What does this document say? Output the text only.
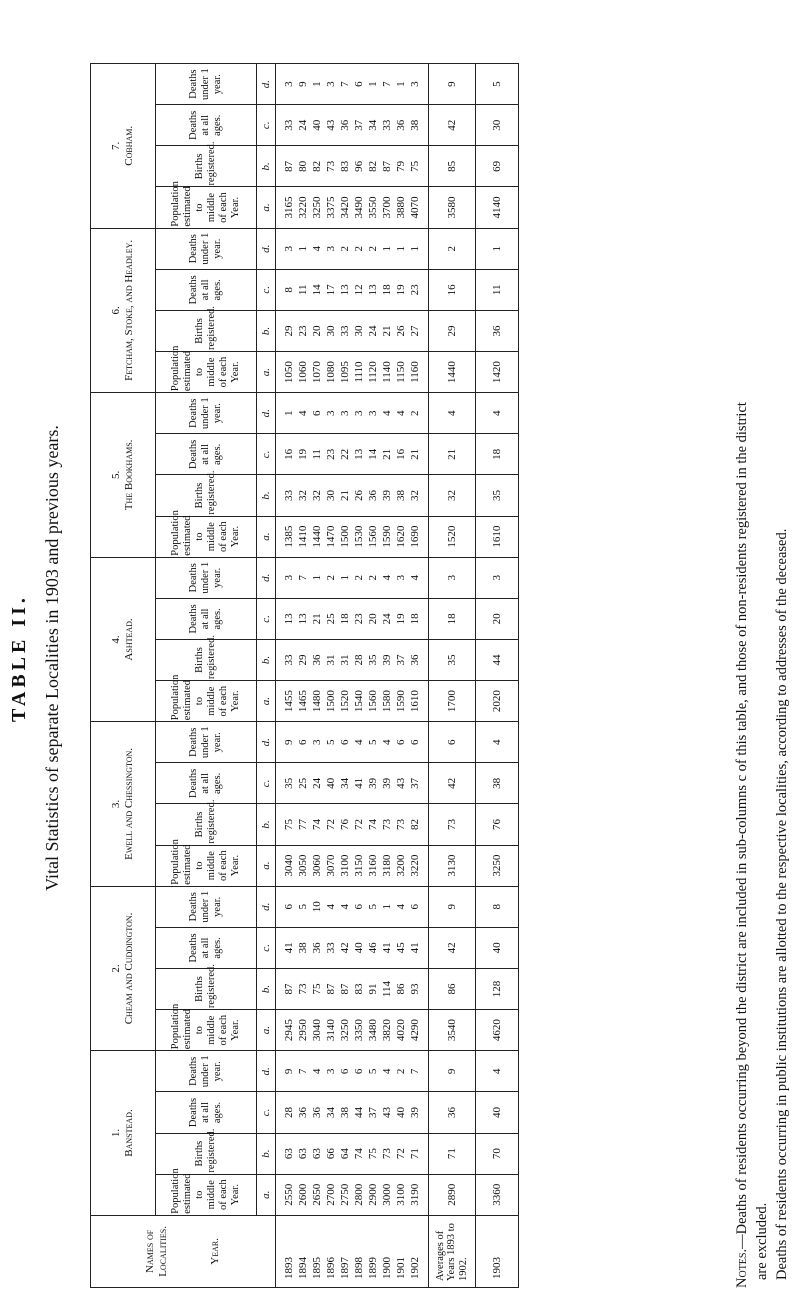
TABLE II. Vital Statistics of separate Localities in 1903 and previous years.
Names of Localities. Year.	1. Banstead.				2. Cheam and Cuddington.				3. Ewell and Chessington.				4. Ashtead.				5. The Bookhams.				6. Fetcham, Stoke, and Headley.				7. Cobham.			

	Population estimated to middle of each Year.	Births registered.	Deaths at all ages.	Deaths under 1 year.	Population estimated to middle of each Year.	Births registered.	Deaths at all ages.	Deaths under 1 year.	Population estimated to middle of each Year.	Births registered.	Deaths at all ages.	Deaths under 1 year.	Population estimated to middle of each Year.	Births registered.	Deaths at all ages.	Deaths under 1 year.	Population estimated to middle of each Year.	Births registered.	Deaths at all ages.	Deaths under 1 year.	Population estimated to middle of each Year.	Births registered.	Deaths at all ages.	Deaths under 1 year.	Population estimated to middle of each Year.	Births registered.	Deaths at all ages.	Deaths under 1 year.
	a.	b.	c.	d.	a.	b.	c.	d.	a.	b.	c.	d.	a.	b.	c.	d.	a.	b.	c.	d.	a.	b.	c.	d.	a.	b.	c.	d.
1893	2550	63	28	9	2945	87	41	6	3040	75	35	9	1455	33	13	3	1385	33	16	1	1050	29	8	3	3165	87	33	3
1894	2600	63	36	7	2950	73	38	5	3050	77	25	6	1465	29	13	7	1410	32	19	4	1060	23	11	1	3220	80	24	9
1895	2650	63	36	4	3040	75	36	10	3060	74	24	3	1480	36	21	1	1440	32	11	6	1070	20	14	4	3250	82	40	1
1896	2700	66	34	3	3140	87	33	4	3070	72	40	5	1500	31	25	2	1470	30	23	3	1080	30	17	3	3375	73	43	3
1897	2750	64	38	6	3250	87	42	4	3100	76	34	6	1520	31	18	1	1500	21	22	3	1095	33	13	2	3420	83	36	7
1898	2800	74	44	6	3350	83	40	6	3150	72	41	4	1540	28	23	2	1530	26	13	3	1110	30	12	2	3490	96	37	6
1899	2900	75	37	5	3480	91	46	5	3160	74	39	5	1560	35	20	2	1560	36	14	3	1120	24	13	2	3550	82	34	1
1900	3000	73	43	4	3820	114	41	1	3180	73	39	4	1580	39	24	4	1590	39	21	4	1140	21	18	1	3700	87	33	7
1901	3100	72	40	2	4020	86	45	4	3200	73	43	6	1590	37	19	3	1620	38	16	4	1150	26	19	1	3880	79	36	1
1902	3190	71	39	7	4290	93	41	6	3220	82	37	6	1610	36	18	4	1690	32	21	2	1160	27	23	1	4070	75	38	3
Averages of Years 1893 to 1902.	2890	71	36	9	3540	86	42	9	3130	73	42	6	1700	35	18	3	1520	32	21	4	1440	29	16	2	3580	85	42	9
1903	3360	70	40	4	4620	128	40	8	3250	76	38	4	2020	44	20	3	1610	35	18	4	1420	36	11	1	4140	69	30	5

Notes.—Deaths of residents occurring beyond the district are included in sub-columns c of this table, and those of non-residents registered in the district are excluded. Deaths of residents occurring in public institutions are allotted to the respective localities, according to addresses of the deceased.
